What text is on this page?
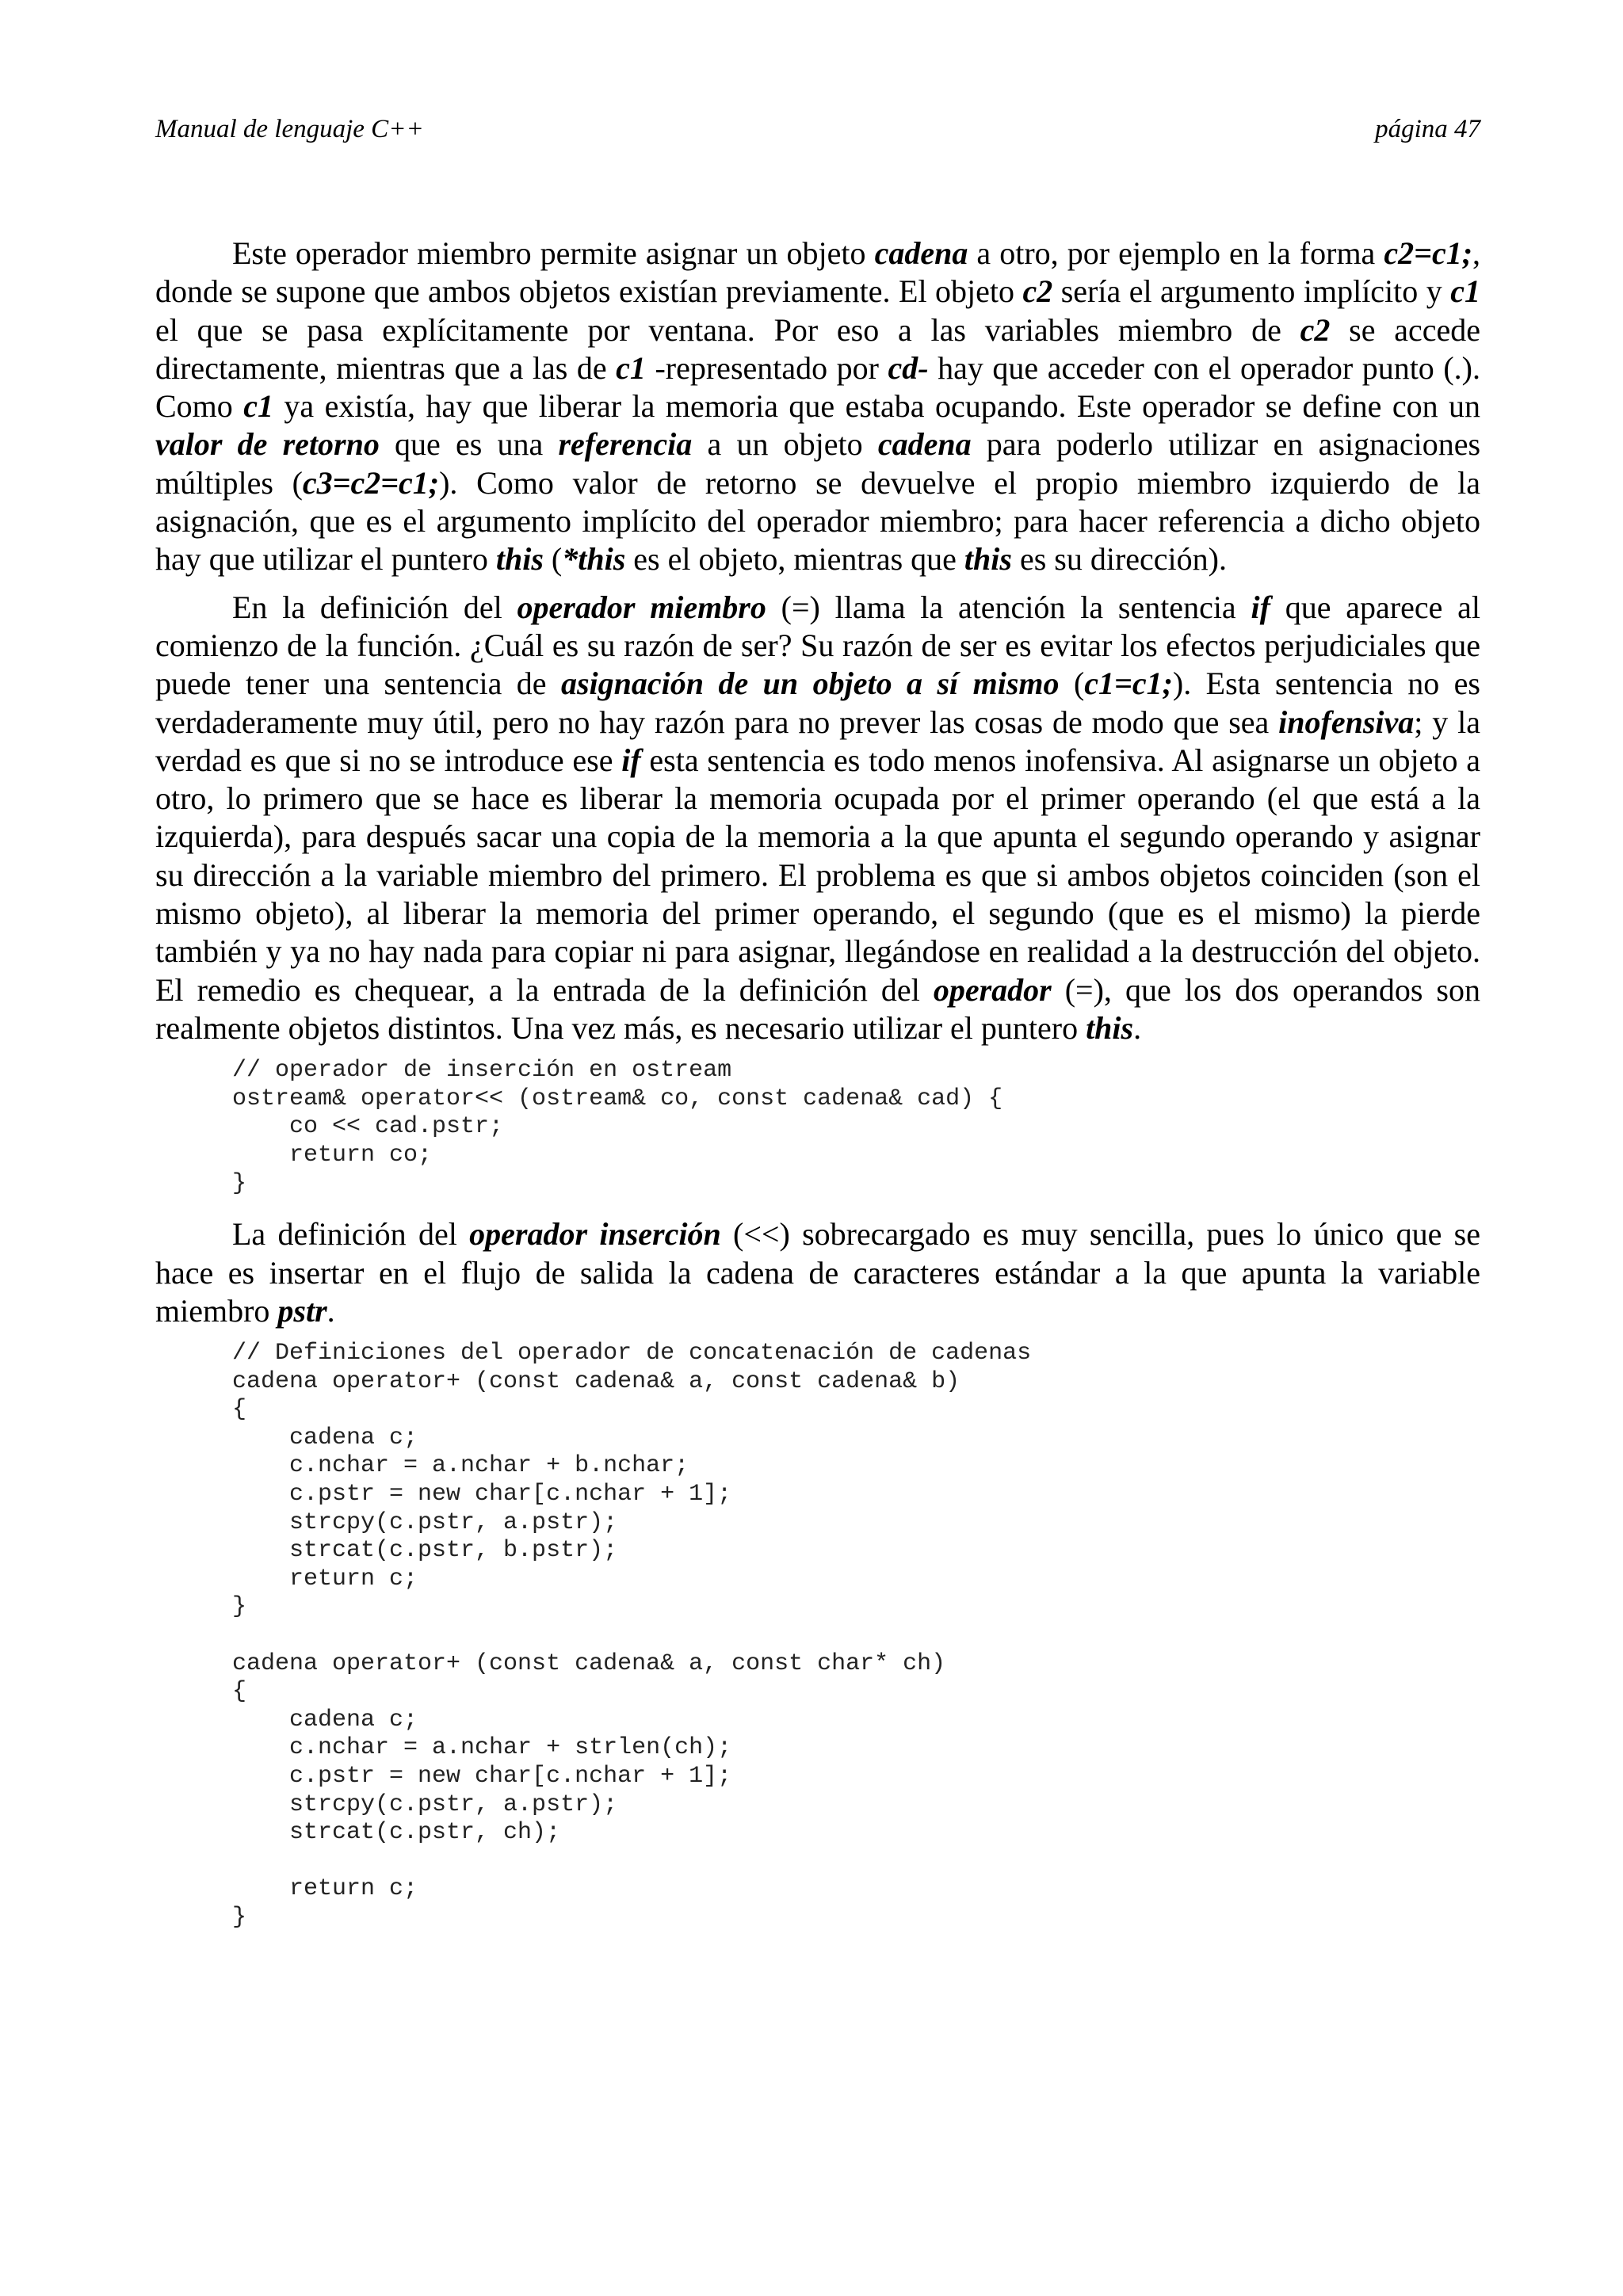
Manual de lenguaje C++	página 47

Este operador miembro permite asignar un objeto cadena a otro, por ejemplo en la forma c2=c1;, donde se supone que ambos objetos existían previamente. El objeto c2 sería el argumento implícito y c1 el que se pasa explícitamente por ventana. Por eso a las variables miembro de c2 se accede directamente, mientras que a las de c1 -representado por cd- hay que acceder con el operador punto (.). Como c1 ya existía, hay que liberar la memoria que estaba ocupando. Este operador se define con un valor de retorno que es una referencia a un objeto cadena para poderlo utilizar en asignaciones múltiples (c3=c2=c1;). Como valor de retorno se devuelve el propio miembro izquierdo de la asignación, que es el argumento implícito del operador miembro; para hacer referencia a dicho objeto hay que utilizar el puntero this (*this es el objeto, mientras que this es su dirección).

En la definición del operador miembro (=) llama la atención la sentencia if que aparece al comienzo de la función. ¿Cuál es su razón de ser? Su razón de ser es evitar los efectos perjudiciales que puede tener una sentencia de asignación de un objeto a sí mismo (c1=c1;). Esta sentencia no es verdaderamente muy útil, pero no hay razón para no prever las cosas de modo que sea inofensiva; y la verdad es que si no se introduce ese if esta sentencia es todo menos inofensiva. Al asignarse un objeto a otro, lo primero que se hace es liberar la memoria ocupada por el primer operando (el que está a la izquierda), para después sacar una copia de la memoria a la que apunta el segundo operando y asignar su dirección a la variable miembro del primero. El problema es que si ambos objetos coinciden (son el mismo objeto), al liberar la memoria del primer operando, el segundo (que es el mismo) la pierde también y ya no hay nada para copiar ni para asignar, llegándose en realidad a la destrucción del objeto. El remedio es chequear, a la entrada de la definición del operador (=), que los dos operandos son realmente objetos distintos. Una vez más, es necesario utilizar el puntero this.

// operador de inserción en ostream
ostream& operator<< (ostream& co, const cadena& cad) {
co << cad.pstr;
return co;
}

La definición del operador inserción (<<) sobrecargado es muy sencilla, pues lo único que se hace es insertar en el flujo de salida la cadena de caracteres estándar a la que apunta la variable miembro pstr.

// Definiciones del operador de concatenación de cadenas
cadena operator+ (const cadena& a, const cadena& b)
{
cadena c;
c.nchar = a.nchar + b.nchar;
c.pstr = new char[c.nchar + 1];
strcpy(c.pstr, a.pstr);
strcat(c.pstr, b.pstr);
return c;
}

cadena operator+ (const cadena& a, const char* ch)
{
cadena c;
c.nchar = a.nchar + strlen(ch);
c.pstr = new char[c.nchar + 1];
strcpy(c.pstr, a.pstr);
strcat(c.pstr, ch);

return c;
}
